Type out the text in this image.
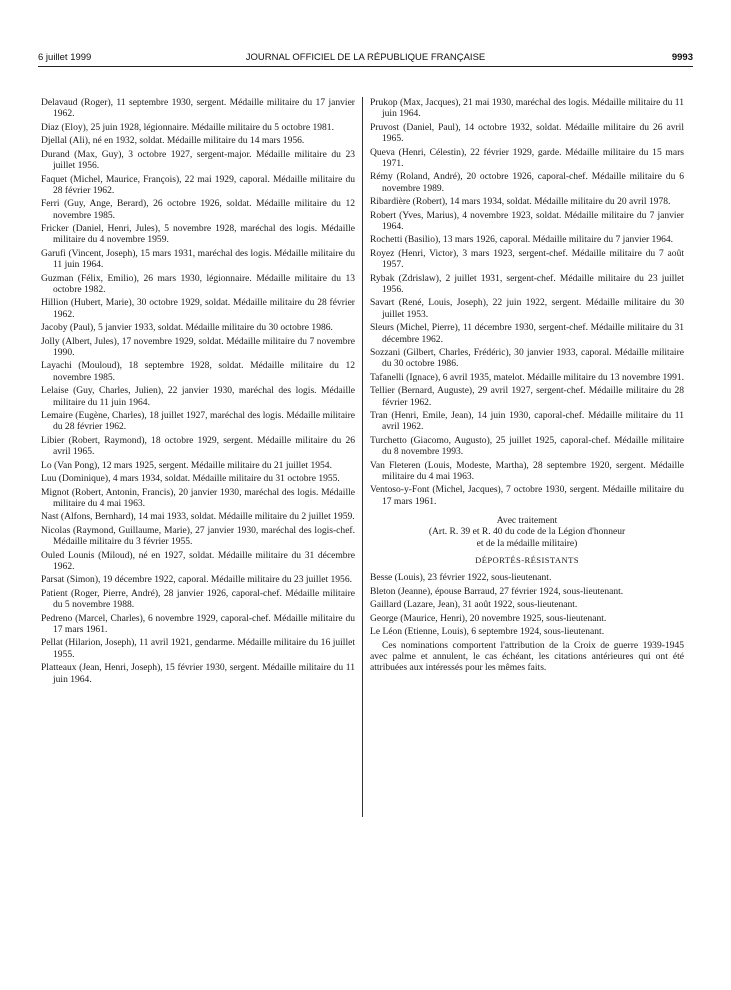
6 juillet 1999	JOURNAL OFFICIEL DE LA RÉPUBLIQUE FRANÇAISE	9993

Delavaud (Roger), 11 septembre 1930, sergent. Médaille militaire du 17 janvier 1962.

Diaz (Eloy), 25 juin 1928, légionnaire. Médaille militaire du 5 octobre 1981.

Djellal (Ali), né en 1932, soldat. Médaille militaire du 14 mars 1956.

Durand (Max, Guy), 3 octobre 1927, sergent-major. Médaille militaire du 23 juillet 1956.

Faquet (Michel, Maurice, François), 22 mai 1929, caporal. Médaille militaire du 28 février 1962.

Ferri (Guy, Ange, Berard), 26 octobre 1926, soldat. Médaille militaire du 12 novembre 1985.

Fricker (Daniel, Henri, Jules), 5 novembre 1928, maréchal des logis. Médaille militaire du 4 novembre 1959.

Garufi (Vincent, Joseph), 15 mars 1931, maréchal des logis. Médaille militaire du 11 juin 1964.

Guzman (Félix, Emilio), 26 mars 1930, légionnaire. Médaille militaire du 13 octobre 1982.

Hillion (Hubert, Marie), 30 octobre 1929, soldat. Médaille militaire du 28 février 1962.

Jacoby (Paul), 5 janvier 1933, soldat. Médaille militaire du 30 octobre 1986.

Jolly (Albert, Jules), 17 novembre 1929, soldat. Médaille militaire du 7 novembre 1990.

Layachi (Mouloud), 18 septembre 1928, soldat. Médaille militaire du 12 novembre 1985.

Lelaise (Guy, Charles, Julien), 22 janvier 1930, maréchal des logis. Médaille militaire du 11 juin 1964.

Lemaire (Eugène, Charles), 18 juillet 1927, maréchal des logis. Médaille militaire du 28 février 1962.

Libier (Robert, Raymond), 18 octobre 1929, sergent. Médaille militaire du 26 avril 1965.

Lo (Van Pong), 12 mars 1925, sergent. Médaille militaire du 21 juillet 1954.

Luu (Dominique), 4 mars 1934, soldat. Médaille militaire du 31 octobre 1955.

Mignot (Robert, Antonin, Francis), 20 janvier 1930, maréchal des logis. Médaille militaire du 4 mai 1963.

Nast (Alfons, Bernhard), 14 mai 1933, soldat. Médaille militaire du 2 juillet 1959.

Nicolas (Raymond, Guillaume, Marie), 27 janvier 1930, maréchal des logis-chef. Médaille militaire du 3 février 1955.

Ouled Lounis (Miloud), né en 1927, soldat. Médaille militaire du 31 décembre 1962.

Parsat (Simon), 19 décembre 1922, caporal. Médaille militaire du 23 juillet 1956.

Patient (Roger, Pierre, André), 28 janvier 1926, caporal-chef. Médaille militaire du 5 novembre 1988.

Pedreno (Marcel, Charles), 6 novembre 1929, caporal-chef. Médaille militaire du 17 mars 1961.

Pellat (Hilarion, Joseph), 11 avril 1921, gendarme. Médaille militaire du 16 juillet 1955.

Platteaux (Jean, Henri, Joseph), 15 février 1930, sergent. Médaille militaire du 11 juin 1964.

Prukop (Max, Jacques), 21 mai 1930, maréchal des logis. Médaille militaire du 11 juin 1964.

Pruvost (Daniel, Paul), 14 octobre 1932, soldat. Médaille militaire du 26 avril 1965.

Queva (Henri, Célestin), 22 février 1929, garde. Médaille militaire du 15 mars 1971.

Rémy (Roland, André), 20 octobre 1926, caporal-chef. Médaille militaire du 6 novembre 1989.

Ribardière (Robert), 14 mars 1934, soldat. Médaille militaire du 20 avril 1978.

Robert (Yves, Marius), 4 novembre 1923, soldat. Médaille militaire du 7 janvier 1964.

Rochetti (Basilio), 13 mars 1926, caporal. Médaille militaire du 7 janvier 1964.

Royez (Henri, Victor), 3 mars 1923, sergent-chef. Médaille militaire du 7 août 1957.

Rybak (Zdrislaw), 2 juillet 1931, sergent-chef. Médaille militaire du 23 juillet 1956.

Savart (René, Louis, Joseph), 22 juin 1922, sergent. Médaille militaire du 30 juillet 1953.

Sleurs (Michel, Pierre), 11 décembre 1930, sergent-chef. Médaille militaire du 31 décembre 1962.

Sozzani (Gilbert, Charles, Frédéric), 30 janvier 1933, caporal. Médaille militaire du 30 octobre 1986.

Tafanelli (Ignace), 6 avril 1935, matelot. Médaille militaire du 13 novembre 1991.

Tellier (Bernard, Auguste), 29 avril 1927, sergent-chef. Médaille militaire du 28 février 1962.

Tran (Henri, Emile, Jean), 14 juin 1930, caporal-chef. Médaille militaire du 11 avril 1962.

Turchetto (Giacomo, Augusto), 25 juillet 1925, caporal-chef. Médaille militaire du 8 novembre 1993.

Van Fleteren (Louis, Modeste, Martha), 28 septembre 1920, sergent. Médaille militaire du 4 mai 1963.

Ventoso-y-Font (Michel, Jacques), 7 octobre 1930, sergent. Médaille militaire du 17 mars 1961.

Avec traitement

(Art. R. 39 et R. 40 du code de la Légion d'honneur

et de la médaille militaire)

DÉPORTÉS-RÉSISTANTS

Besse (Louis), 23 février 1922, sous-lieutenant.

Bleton (Jeanne), épouse Barraud, 27 février 1924, sous-lieutenant.

Gaillard (Lazare, Jean), 31 août 1922, sous-lieutenant.

George (Maurice, Henri), 20 novembre 1925, sous-lieutenant.

Le Léon (Etienne, Louis), 6 septembre 1924, sous-lieutenant.

Ces nominations comportent l'attribution de la Croix de guerre 1939-1945 avec palme et annulent, le cas échéant, les citations antérieures qui ont été attribuées aux intéressés pour les mêmes faits.
